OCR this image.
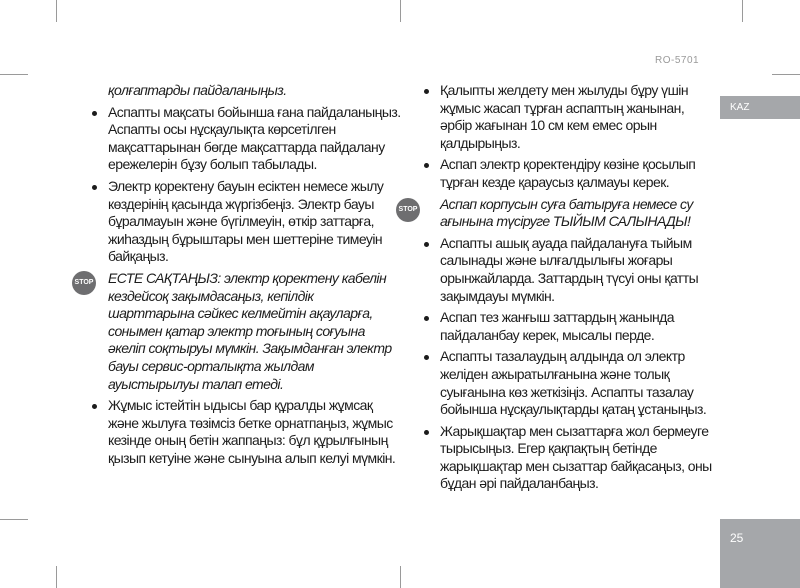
RO-5701
KAZ
25
қолғаптарды пайдаланыңыз.
Аспапты мақсаты бойынша ғана пайдаланыңыз. Аспапты осы нұсқаулықта көрсетілген мақсаттарынан бөгде мақсаттарда пайдалану ережелерін бұзу болып табылады.
Электр қоректену бауын есіктен немесе жылу көздерінің қасында жүргізбеңіз. Электр бауы бұралмауын және бүгілмеуін, өткір заттарға, жиһаздың бұрыштары мен шеттеріне тимеуін байқаңыз.
STOP ЕСТЕ САҚТАҢЫЗ: электр қоректену кабелін кездейсоқ зақымдасаңыз, кепілдік шарттарына сәйкес келмейтін ақауларға, сонымен қатар электр тоғының соғуына әкеліп соқтыруы мүмкін. Зақымданған электр бауы сервис-орталықта жылдам ауыстырылуы талап етеді.
Жұмыс істейтін ыдысы бар құралды жұмсақ және жылуға төзімсіз бетке орнатпаңыз, жұмыс кезінде оның бетін жаппаңыз: бұл құрылғының қызып кетуіне және сынуына алып келуі мүмкін.
Қалыпты желдету мен жылуды бұру үшін жұмыс жасап тұрған аспаптың жанынан, әрбір жағынан 10 см кем емес орын қалдырыңыз.
Аспап электр қоректендіру көзіне қосылып тұрған кезде қараусыз қалмауы керек.
STOP Аспап корпусын суға батыруға немесе су ағынына түсіруге ТЫЙЫМ САЛЫНАДЫ!
Аспапты ашық ауада пайдалануға тыйым салынады және ылғалдылығы жоғары орынжайларда. Заттардың түсуі оны қатты зақымдауы мүмкін.
Аспап тез жанғыш заттардың жанында пайдаланбау керек, мысалы перде.
Аспапты тазалаудың алдында ол электр желіден ажыратылғанына және толық суығанына көз жеткізіңіз. Аспапты тазалау бойынша нұсқаулықтарды қатаң ұстаныңыз.
Жарықшақтар мен сызаттарға жол бермеуге тырысыңыз. Егер қақпақтың бетінде жарықшақтар мен сызаттар байқасаңыз, оны бұдан әрі пайдаланбаңыз.
